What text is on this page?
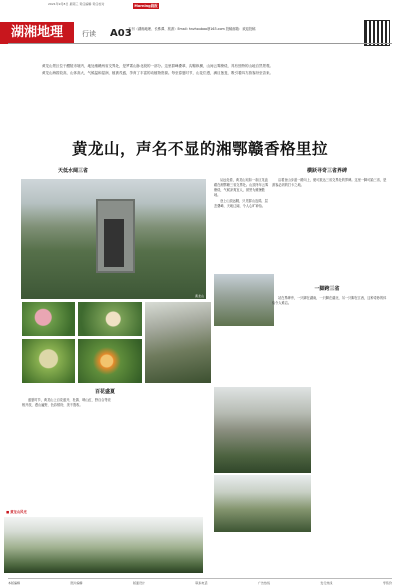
2021年9月8日 星期三 责任编辑 责任校对	Morning晨报
湖湘地理	行读 A03
本刊（湖湘地理、长株潭、旅游）Email: hnzhoubao@163.com 投稿邮箱：欢迎投稿

黄龙山景区位于醴陵市境内，地处湘赣两省交界处，是罗霄山脉北段的一部分。这里群峰叠翠，沟壑纵横，山间云雾缭绕，具有独特的山地自然景观。

黄龙山海拔较高，山体高大，气候温和湿润，植被茂盛，孕育了丰富的动植物资源。每至春夏时节，山花烂漫，满目葱茏，吸引着四方游客纷至沓来。

黄龙山，声名不显的湘鄂赣香格里拉
天低水阔三省
黄龙山
横跃寻奇三省界碑

沿着登山步道一路向上，便可抵达三省交界处的界碑。这里一脚可踏三省，是游客必到的打卡之地。

从远处看，黄龙山宛如一条巨龙盘踞在湘鄂赣三省交界处。山顶终年云雾缭绕，气候凉爽宜人，被誉为避暑胜地。

登上山顶远眺，只见群山连绵，层峦叠嶂，天地辽阔，令人心旷神怡。

一脚跨三省

站在界碑旁，一只脚在湖南，一只脚在湖北，另一只脚在江西，这种奇妙的体验令人难忘。

百花盛夏

盛夏时节，黄龙山上百花盛开，杜鹃、映山红、野百合等竞相开放，漫山遍野，色彩缤纷，美不胜收。

■ 黄龙山风光
本版编辑	图片编辑	版面设计	联系电话	广告热线	发行热线	零售价
